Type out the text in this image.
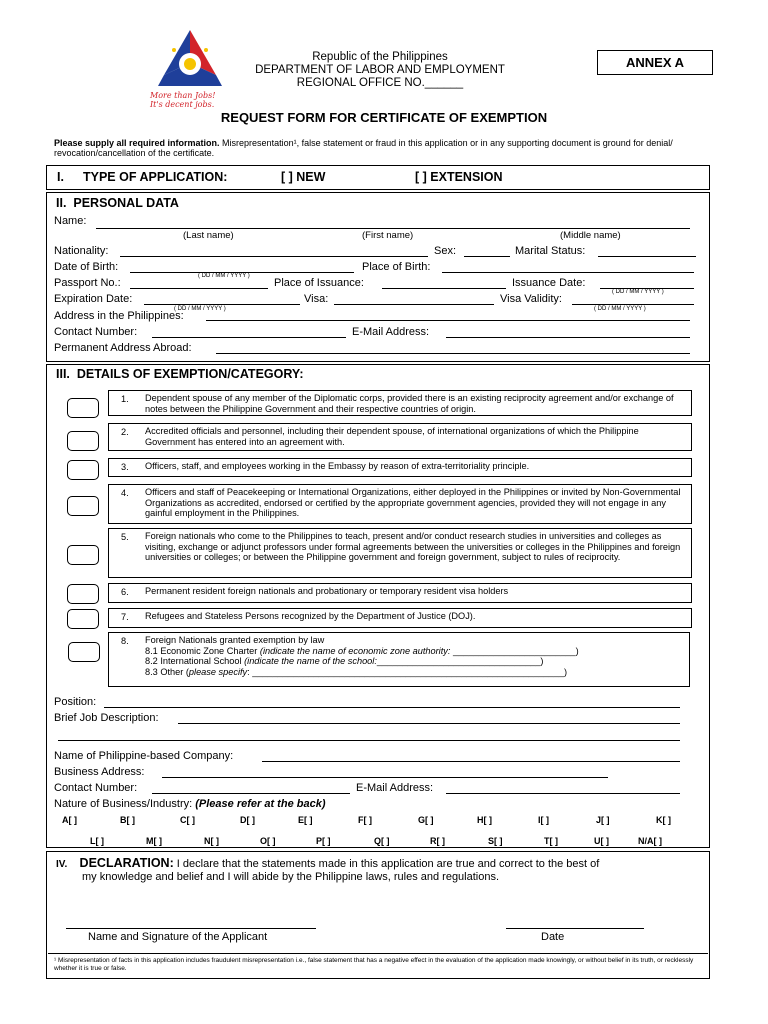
More than Jobs!
It's decent jobs.
Republic of the Philippines
DEPARTMENT OF LABOR AND EMPLOYMENT
REGIONAL OFFICE NO.______
ANNEX A
REQUEST FORM FOR CERTIFICATE OF EXEMPTION
Please supply all required information. Misrepresentation¹, false statement or fraud in this application or in any supporting document is ground for denial/ revocation/cancellation of the certificate.
I. TYPE OF APPLICATION:	[ ] NEW	[ ] EXTENSION
II. PERSONAL DATA
Name:
(Last name)	(First name)	(Middle name)
Nationality:	Sex:	Marital Status:
Date of Birth:
( DD / MM / YYYY )
Place of Birth:
Passport No.:	Place of Issuance:	Issuance Date:
( DD / MM / YYYY )
Expiration Date:
( DD / MM / YYYY )
Visa:	Visa Validity:
( DD / MM / YYYY )
Address in the Philippines:
Contact Number:	E-Mail Address:
Permanent Address Abroad:
III. DETAILS OF EXEMPTION/CATEGORY:
1. Dependent spouse of any member of the Diplomatic corps, provided there is an existing reciprocity agreement and/or exchange of notes between the Philippine Government and their respective countries of origin.
2. Accredited officials and personnel, including their dependent spouse, of international organizations of which the Philippine Government has entered into an agreement with.
3. Officers, staff, and employees working in the Embassy by reason of extra-territoriality principle.
4. Officers and staff of Peacekeeping or International Organizations, either deployed in the Philippines or invited by Non-Governmental Organizations as accredited, endorsed or certified by the appropriate government agencies, provided they will not engage in any gainful employment in the Philippines.
5. Foreign nationals who come to the Philippines to teach, present and/or conduct research studies in universities and colleges as visiting, exchange or adjunct professors under formal agreements between the universities or colleges in the Philippines and foreign universities or colleges; or between the Philippine government and foreign government, subject to rules of reciprocity.
6. Permanent resident foreign nationals and probationary or temporary resident visa holders
7. Refugees and Stateless Persons recognized by the Department of Justice (DOJ).
8. Foreign Nationals granted exemption by law
8.1 Economic Zone Charter (indicate the name of economic zone authority: ________________________)
8.2 International School (indicate the name of the school:________________________________)
8.3 Other (please specify: _____________________________________________________________)
Position:
Brief Job Description:
Name of Philippine-based Company:
Business Address:
Contact Number:	E-Mail Address:
Nature of Business/Industry: (Please refer at the back)
A[ ]	B[ ]	C[ ]	D[ ]	E[ ]	F[ ]	G[ ]	H[ ]	I[ ]	J[ ]	K[ ]
L[ ]	M[ ]	N[ ]	O[ ]	P[ ]	Q[ ]	R[ ]	S[ ]	T[ ]	U[ ]	N/A[ ]
IV. DECLARATION: I declare that the statements made in this application are true and correct to the best of
my knowledge and belief and I will abide by the Philippine laws, rules and regulations.
Name and Signature of the Applicant	Date
¹ Misrepresentation of facts in this application includes fraudulent misrepresentation i.e., false statement that has a negative effect in the evaluation of the application made knowingly, or without belief in its truth, or recklessly whether it is true or false.
